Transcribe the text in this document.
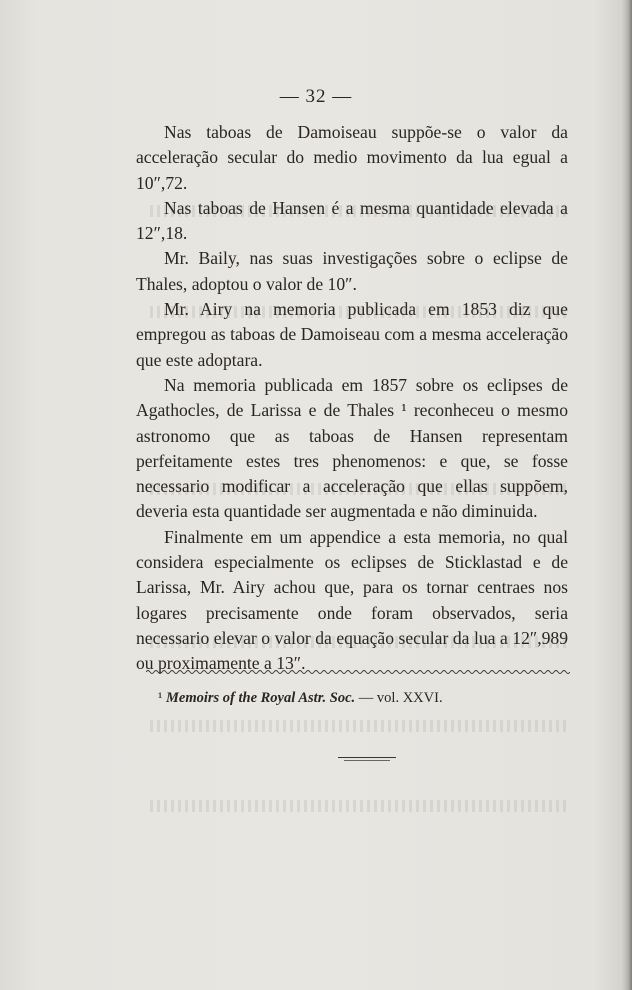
— 32 —

Nas taboas de Damoiseau suppõe-se o valor da acceleração secular do medio movimento da lua egual a 10″,72.

Nas taboas de Hansen é a mesma quantidade elevada a 12″,18.

Mr. Baily, nas suas investigações sobre o eclipse de Thales, adoptou o valor de 10″.

Mr. Airy na memoria publicada em 1853 diz que empregou as taboas de Damoiseau com a mesma acceleração que este adoptara.

Na memoria publicada em 1857 sobre os eclipses de Agathocles, de Larissa e de Thales ¹ reconheceu o mesmo astronomo que as taboas de Hansen representam perfeitamente estes tres phenomenos: e que, se fosse necessario modificar a acceleração que ellas suppõem, deveria esta quantidade ser augmentada e não diminuida.

Finalmente em um appendice a esta memoria, no qual considera especialmente os eclipses de Sticklastad e de Larissa, Mr. Airy achou que, para os tornar centraes nos logares precisamente onde foram observados, seria necessario elevar o valor da equação secular da lua a 12″,989 ou proximamente a 13″.

¹ Memoirs of the Royal Astr. Soc. — vol. XXVI.
